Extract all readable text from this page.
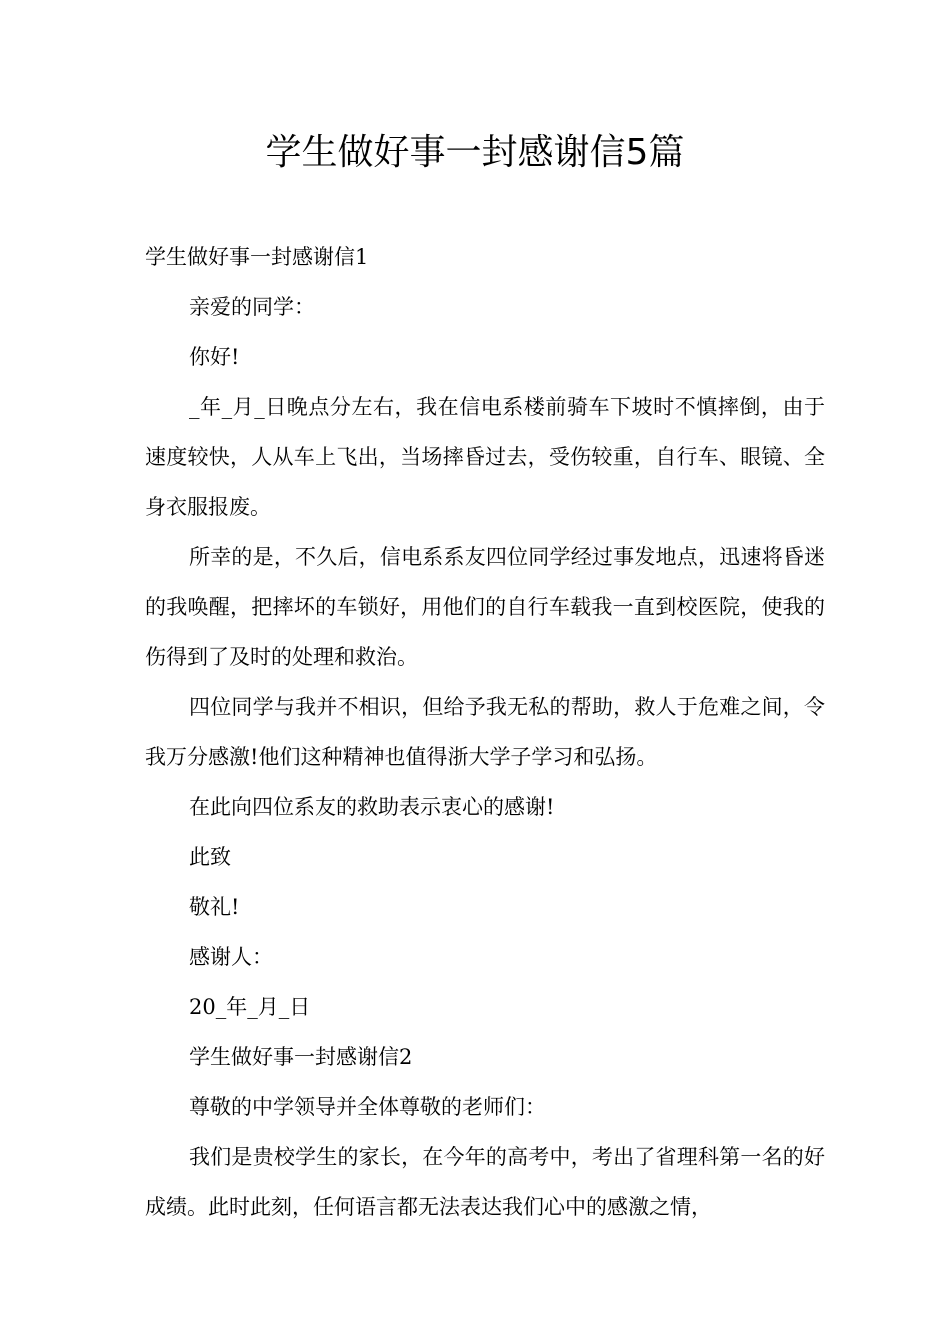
学生做好事一封感谢信5篇

学生做好事一封感谢信1

亲爱的同学：

你好!

_年_月_日晚点分左右，我在信电系楼前骑车下坡时不慎摔倒，由于速度较快，人从车上飞出，当场摔昏过去，受伤较重，自行车、眼镜、全身衣服报废。

所幸的是，不久后，信电系系友四位同学经过事发地点，迅速将昏迷的我唤醒，把摔坏的车锁好，用他们的自行车载我一直到校医院，使我的伤得到了及时的处理和救治。

四位同学与我并不相识，但给予我无私的帮助，救人于危难之间，令我万分感激!他们这种精神也值得浙大学子学习和弘扬。

在此向四位系友的救助表示衷心的感谢!

此致

敬礼!

感谢人：

20_年_月_日

学生做好事一封感谢信2

尊敬的中学领导并全体尊敬的老师们：

我们是贵校学生的家长，在今年的高考中，考出了省理科第一名的好成绩。此时此刻，任何语言都无法表达我们心中的感激之情，
